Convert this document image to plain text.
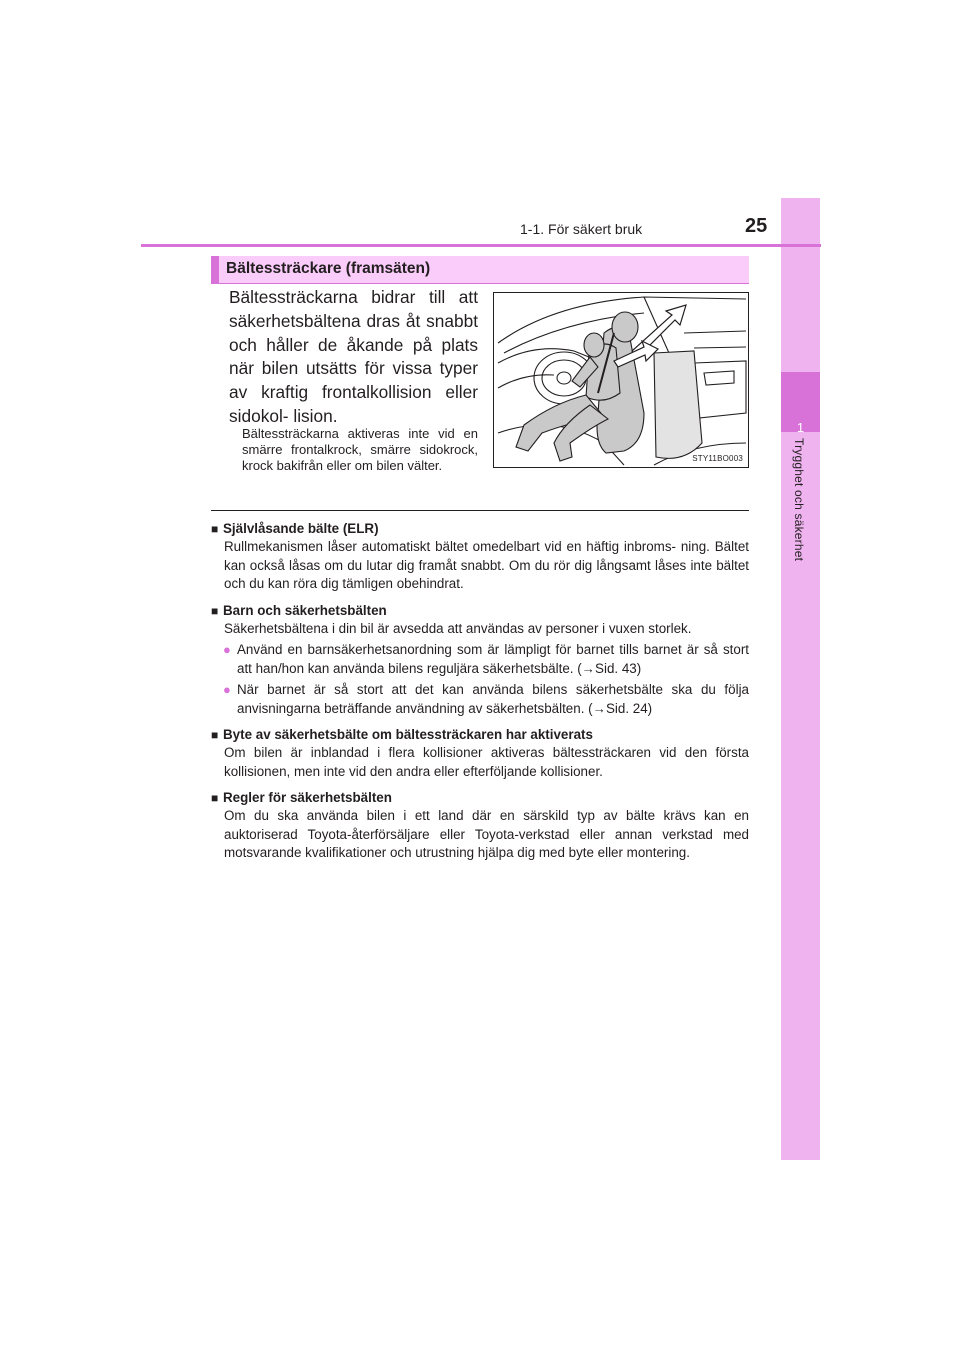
1
Trygghet och säkerhet
1-1. För säkert bruk	25
Bältessträckare (framsäten)
Bältessträckarna bidrar till att säkerhetsbältena dras åt snabbt och håller de åkande på plats när bilen utsätts för vissa typer av kraftig frontalkollision eller sidokol- lision.
Bältessträckarna aktiveras inte vid en smärre frontalkrock, smärre sidokrock, krock bakifrån eller om bilen välter.	STY11BO003
■ Självlåsande bälte (ELR)
Rullmekanismen låser automatiskt bältet omedelbart vid en häftig inbroms- ning. Bältet kan också låsas om du lutar dig framåt snabbt. Om du rör dig långsamt låses inte bältet och du kan röra dig tämligen obehindrat.
■ Barn och säkerhetsbälten
Säkerhetsbältena i din bil är avsedda att användas av personer i vuxen storlek.
● Använd en barnsäkerhetsanordning som är lämpligt för barnet tills barnet är så stort att han/hon kan använda bilens reguljära säkerhetsbälte. (→Sid. 43)
● När barnet är så stort att det kan använda bilens säkerhetsbälte ska du följa anvisningarna beträffande användning av säkerhetsbälten. (→Sid. 24)
■ Byte av säkerhetsbälte om bältessträckaren har aktiverats
Om bilen är inblandad i flera kollisioner aktiveras bältessträckaren vid den första kollisionen, men inte vid den andra eller efterföljande kollisioner.
■ Regler för säkerhetsbälten
Om du ska använda bilen i ett land där en särskild typ av bälte krävs kan en auktoriserad Toyota-återförsäljare eller Toyota-verkstad eller annan verkstad med motsvarande kvalifikationer och utrustning hjälpa dig med byte eller montering.
